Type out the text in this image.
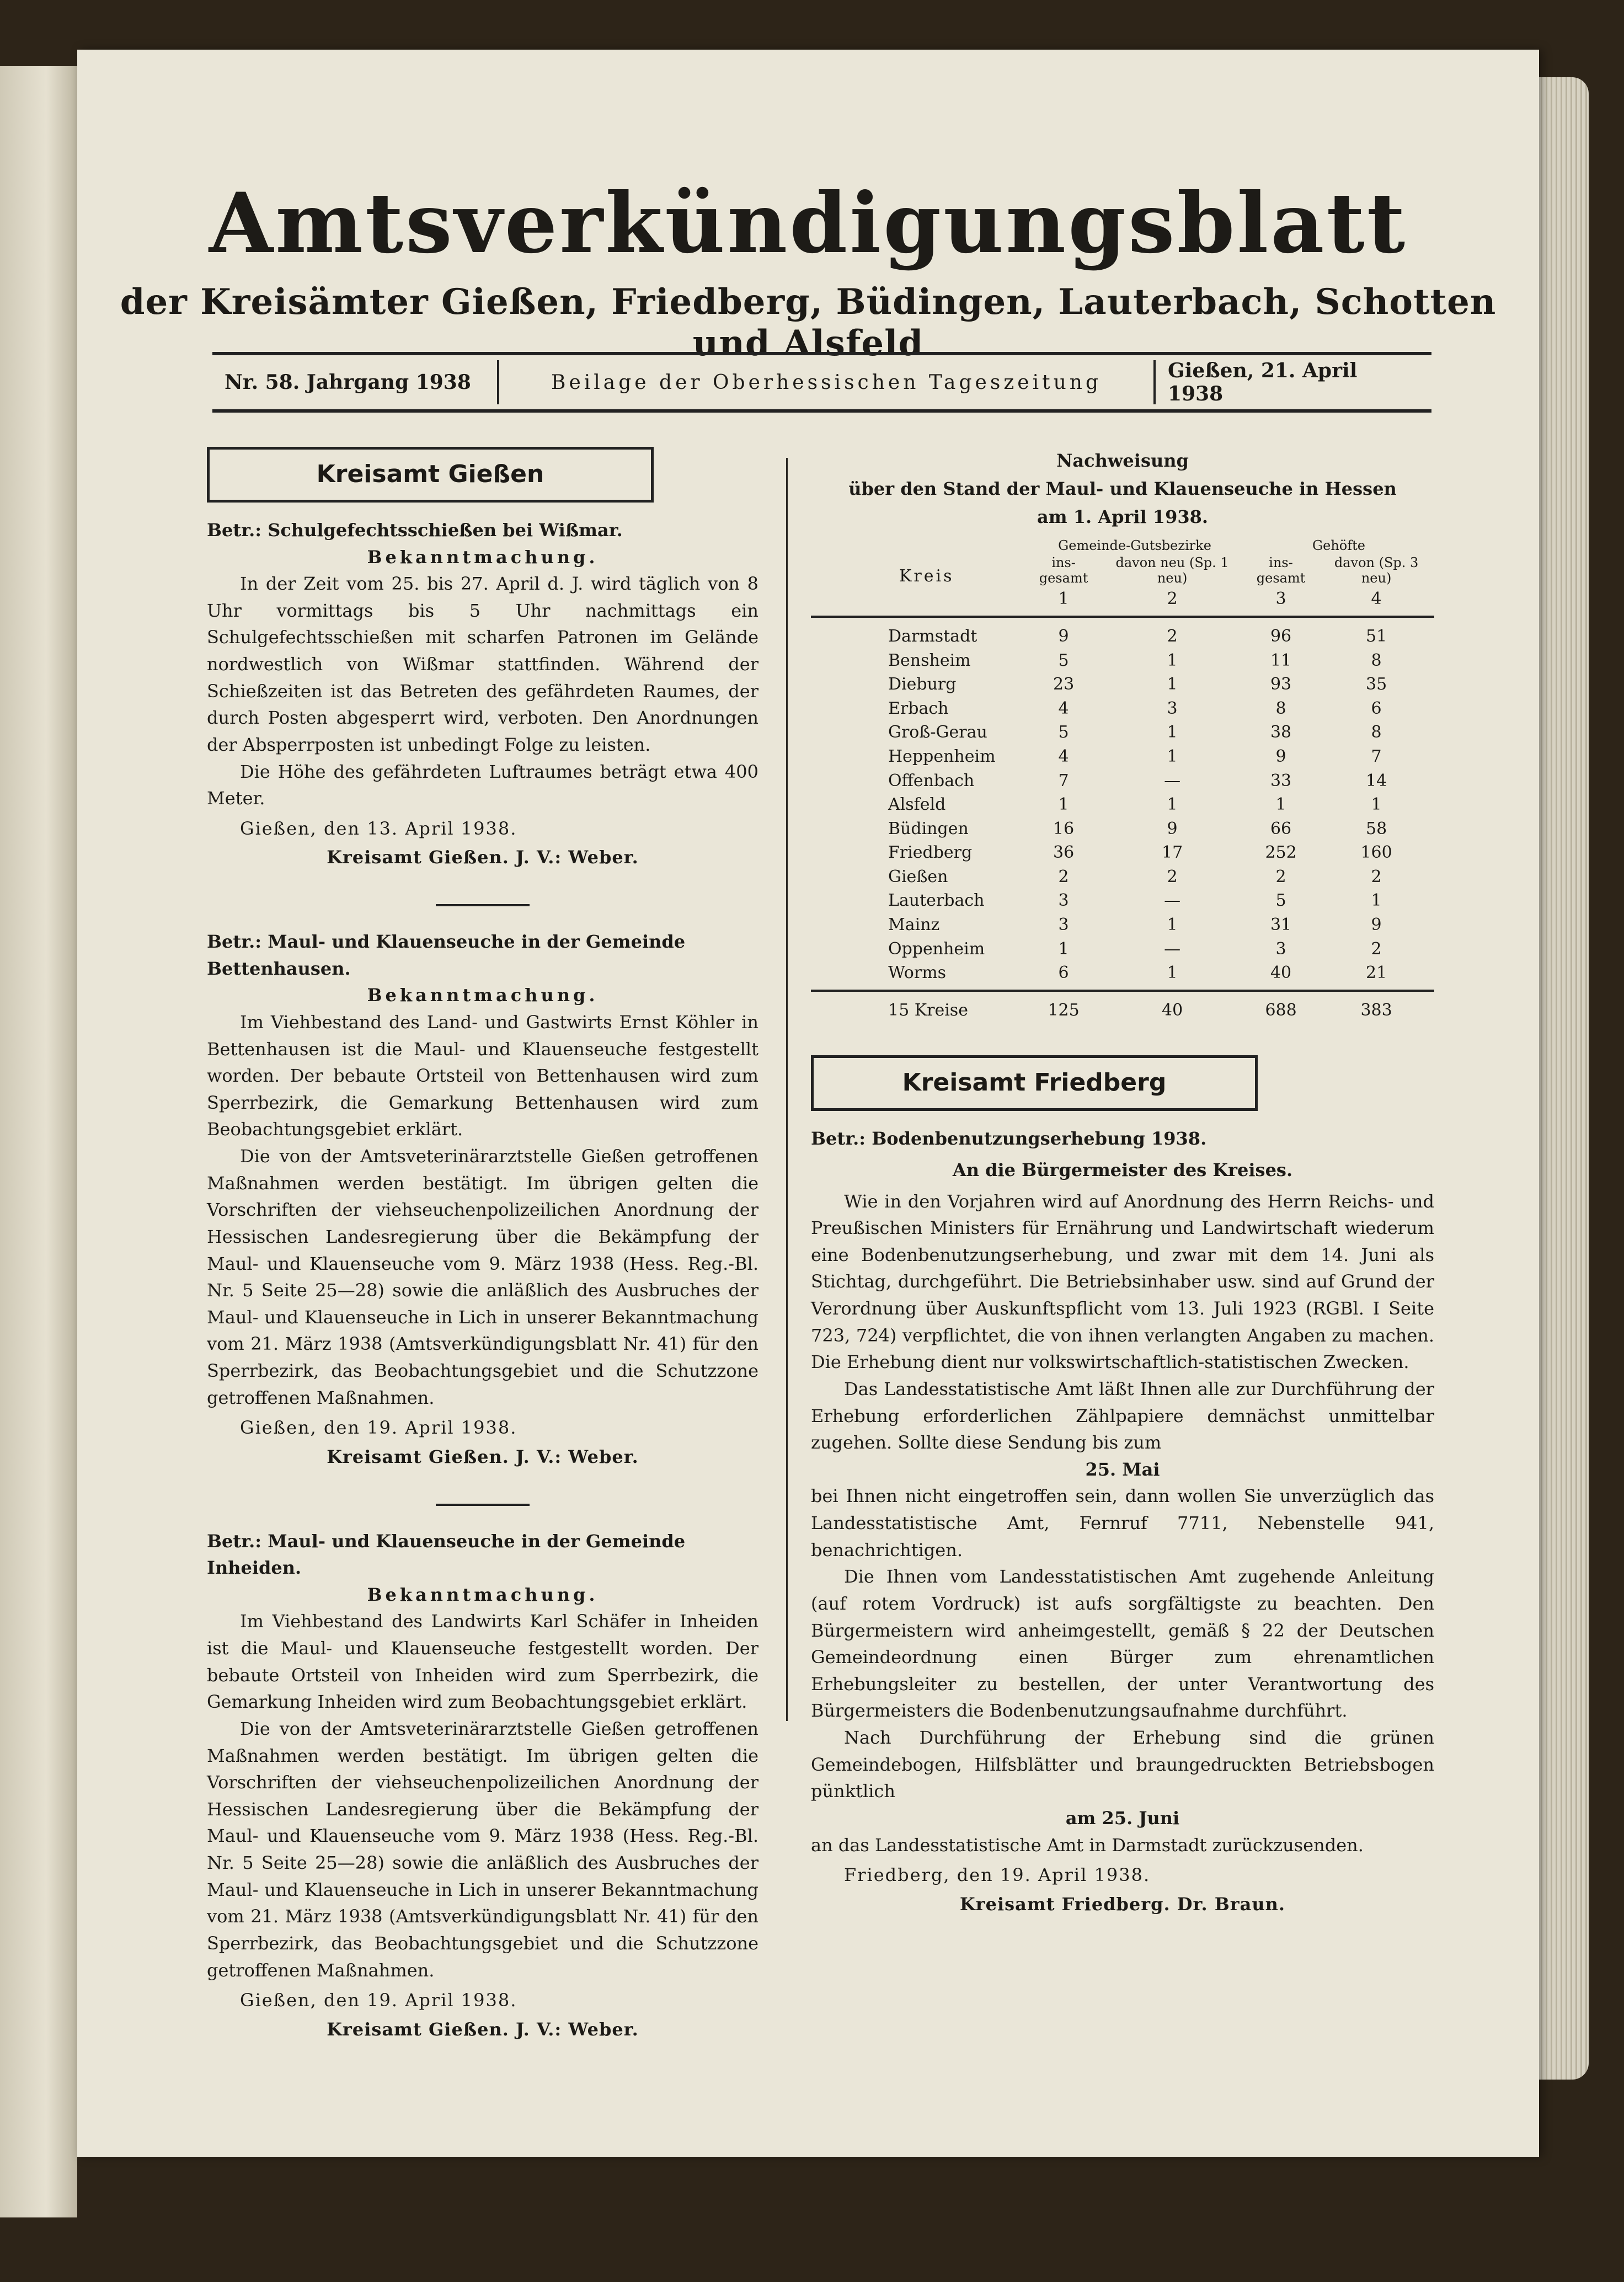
Amtsverkündigungsblatt
der Kreisämter Gießen, Friedberg, Büdingen, Lauterbach, Schotten und Alsfeld
Nr. 58. Jahrgang 1938	Beilage der Oberhessischen Tageszeitung	Gießen, 21. April 1938
Kreisamt Gießen
Betr.: Schulgefechtsschießen bei Wißmar.
Bekanntmachung.

In der Zeit vom 25. bis 27. April d. J. wird täglich von 8 Uhr vormittags bis 5 Uhr nachmittags ein Schulgefechtsschießen mit scharfen Patronen im Gelände nordwestlich von Wißmar stattfinden. Während der Schießzeiten ist das Betreten des gefährdeten Raumes, der durch Posten abgesperrt wird, verboten. Den Anordnungen der Absperrposten ist unbedingt Folge zu leisten.

Die Höhe des gefährdeten Luftraumes beträgt etwa 400 Meter.

Gießen, den 13. April 1938.
Kreisamt Gießen. J. V.: Weber.
Betr.: Maul- und Klauenseuche in der Gemeinde Bettenhausen.
Bekanntmachung.

Im Viehbestand des Land- und Gastwirts Ernst Köhler in Bettenhausen ist die Maul- und Klauenseuche festgestellt worden. Der bebaute Ortsteil von Bettenhausen wird zum Sperrbezirk, die Gemarkung Bettenhausen wird zum Beobachtungsgebiet erklärt.

Die von der Amtsveterinärarztstelle Gießen getroffenen Maßnahmen werden bestätigt. Im übrigen gelten die Vorschriften der viehseuchenpolizeilichen Anordnung der Hessischen Landesregierung über die Bekämpfung der Maul- und Klauenseuche vom 9. März 1938 (Hess. Reg.-Bl. Nr. 5 Seite 25—28) sowie die anläßlich des Ausbruches der Maul- und Klauenseuche in Lich in unserer Bekanntmachung vom 21. März 1938 (Amtsverkündigungsblatt Nr. 41) für den Sperrbezirk, das Beobachtungsgebiet und die Schutzzone getroffenen Maßnahmen.

Gießen, den 19. April 1938.
Kreisamt Gießen. J. V.: Weber.
Betr.: Maul- und Klauenseuche in der Gemeinde Inheiden.
Bekanntmachung.

Im Viehbestand des Landwirts Karl Schäfer in Inheiden ist die Maul- und Klauenseuche festgestellt worden. Der bebaute Ortsteil von Inheiden wird zum Sperrbezirk, die Gemarkung Inheiden wird zum Beobachtungsgebiet erklärt.

Die von der Amtsveterinärarztstelle Gießen getroffenen Maßnahmen werden bestätigt. Im übrigen gelten die Vorschriften der viehseuchenpolizeilichen Anordnung der Hessischen Landesregierung über die Bekämpfung der Maul- und Klauenseuche vom 9. März 1938 (Hess. Reg.-Bl. Nr. 5 Seite 25—28) sowie die anläßlich des Ausbruches der Maul- und Klauenseuche in Lich in unserer Bekanntmachung vom 21. März 1938 (Amtsverkündigungsblatt Nr. 41) für den Sperrbezirk, das Beobachtungsgebiet und die Schutzzone getroffenen Maßnahmen.

Gießen, den 19. April 1938.
Kreisamt Gießen. J. V.: Weber.
Nachweisung
über den Stand der Maul- und Klauenseuche in Hessen
am 1. April 1938.
	Gemeinde-Gutsbezirke		Gehöfte	
Kreis	ins-gesamt	davon neu (Sp. 1 neu)	ins-gesamt	davon (Sp. 3 neu)
	1	2	3	4
Darmstadt	9	2	96	51
Bensheim	5	1	11	8
Dieburg	23	1	93	35
Erbach	4	3	8	6
Groß-Gerau	5	1	38	8
Heppenheim	4	1	9	7
Offenbach	7	—	33	14
Alsfeld	1	1	1	1
Büdingen	16	9	66	58
Friedberg	36	17	252	160
Gießen	2	2	2	2
Lauterbach	3	—	5	1
Mainz	3	1	31	9
Oppenheim	1	—	3	2
Worms	6	1	40	21
15 Kreise	125	40	688	383
Kreisamt Friedberg
Betr.: Bodenbenutzungserhebung 1938.
An die Bürgermeister des Kreises.

Wie in den Vorjahren wird auf Anordnung des Herrn Reichs- und Preußischen Ministers für Ernährung und Landwirtschaft wiederum eine Bodenbenutzungserhebung, und zwar mit dem 14. Juni als Stichtag, durchgeführt. Die Betriebsinhaber usw. sind auf Grund der Verordnung über Auskunftspflicht vom 13. Juli 1923 (RGBl. I Seite 723, 724) verpflichtet, die von ihnen verlangten Angaben zu machen. Die Erhebung dient nur volkswirtschaftlich-statistischen Zwecken.

Das Landesstatistische Amt läßt Ihnen alle zur Durchführung der Erhebung erforderlichen Zählpapiere demnächst unmittelbar zugehen. Sollte diese Sendung bis zum

25. Mai

bei Ihnen nicht eingetroffen sein, dann wollen Sie unverzüglich das Landesstatistische Amt, Fernruf 7711, Nebenstelle 941, benachrichtigen.

Die Ihnen vom Landesstatistischen Amt zugehende Anleitung (auf rotem Vordruck) ist aufs sorgfältigste zu beachten. Den Bürgermeistern wird anheimgestellt, gemäß § 22 der Deutschen Gemeindeordnung einen Bürger zum ehrenamtlichen Erhebungsleiter zu bestellen, der unter Verantwortung des Bürgermeisters die Bodenbenutzungsaufnahme durchführt.

Nach Durchführung der Erhebung sind die grünen Gemeindebogen, Hilfsblätter und braungedruckten Betriebsbogen pünktlich

am 25. Juni

an das Landesstatistische Amt in Darmstadt zurückzusenden.

Friedberg, den 19. April 1938.
Kreisamt Friedberg. Dr. Braun.
